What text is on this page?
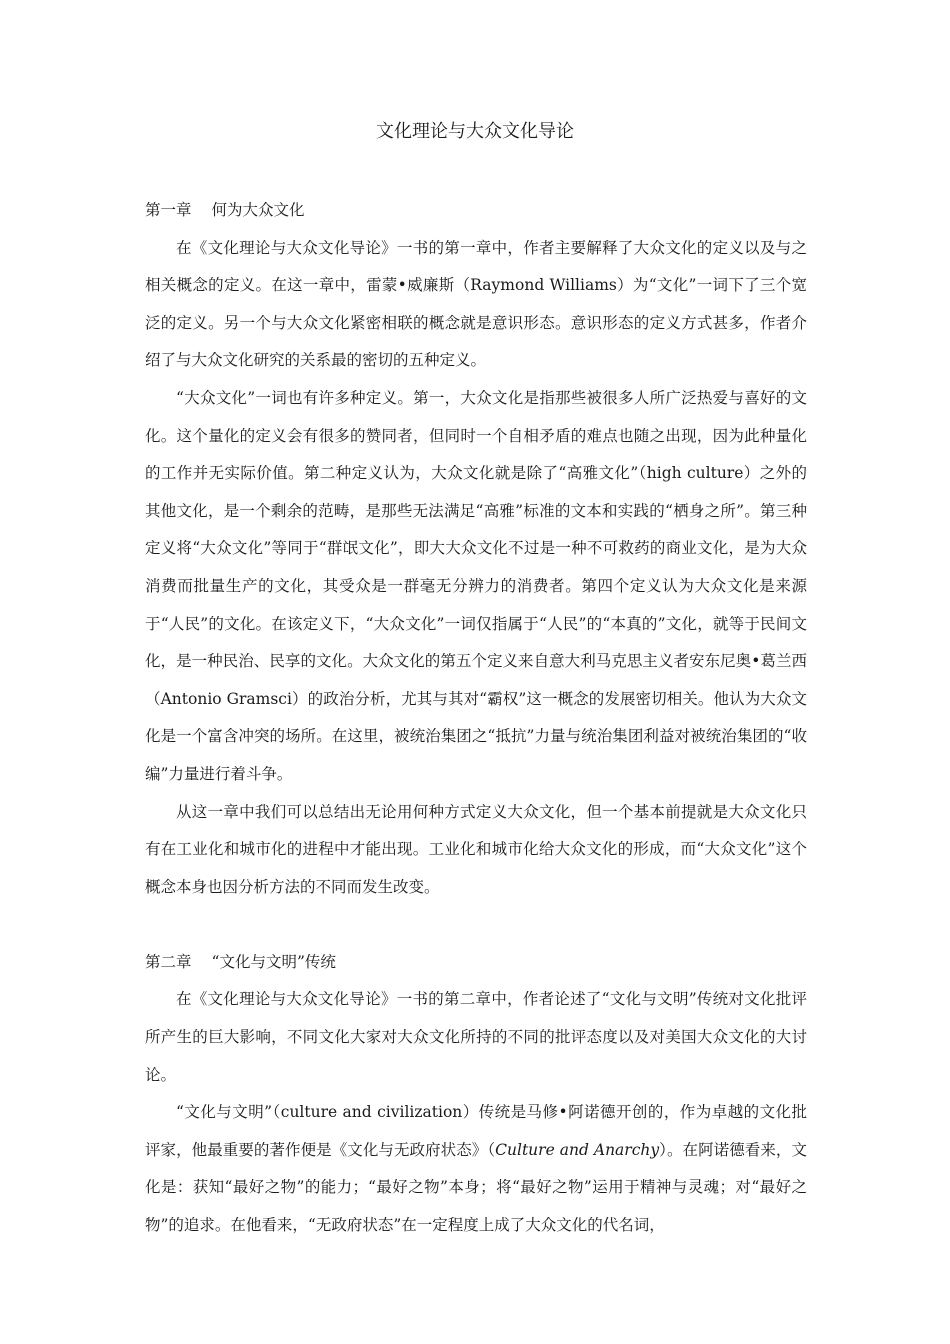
文化理论与大众文化导论

第一章 何为大众文化

在《文化理论与大众文化导论》一书的第一章中，作者主要解释了大众文化的定义以及与之相关概念的定义。在这一章中，雷蒙•威廉斯（Raymond Williams）为“文化”一词下了三个宽泛的定义。另一个与大众文化紧密相联的概念就是意识形态。意识形态的定义方式甚多，作者介绍了与大众文化研究的关系最的密切的五种定义。

“大众文化”一词也有许多种定义。第一，大众文化是指那些被很多人所广泛热爱与喜好的文化。这个量化的定义会有很多的赞同者，但同时一个自相矛盾的难点也随之出现，因为此种量化的工作并无实际价值。第二种定义认为，大众文化就是除了“高雅文化”（high culture）之外的其他文化，是一个剩余的范畴，是那些无法满足“高雅”标准的文本和实践的“栖身之所”。第三种定义将“大众文化”等同于“群氓文化”，即大大众文化不过是一种不可救药的商业文化，是为大众消费而批量生产的文化，其受众是一群毫无分辨力的消费者。第四个定义认为大众文化是来源于“人民”的文化。在该定义下，“大众文化”一词仅指属于“人民”的“本真的”文化，就等于民间文化，是一种民治、民享的文化。大众文化的第五个定义来自意大利马克思主义者安东尼奥•葛兰西（Antonio Gramsci）的政治分析，尤其与其对“霸权”这一概念的发展密切相关。他认为大众文化是一个富含冲突的场所。在这里，被统治集团之“抵抗”力量与统治集团利益对被统治集团的“收编”力量进行着斗争。

从这一章中我们可以总结出无论用何种方式定义大众文化，但一个基本前提就是大众文化只有在工业化和城市化的进程中才能出现。工业化和城市化给大众文化的形成，而“大众文化”这个概念本身也因分析方法的不同而发生改变。

第二章 “文化与文明”传统

在《文化理论与大众文化导论》一书的第二章中，作者论述了“文化与文明”传统对文化批评所产生的巨大影响，不同文化大家对大众文化所持的不同的批评态度以及对美国大众文化的大讨论。

“文化与文明”（culture and civilization）传统是马修•阿诺德开创的，作为卓越的文化批评家，他最重要的著作便是《文化与无政府状态》（Culture and Anarchy）。在阿诺德看来，文化是：获知“最好之物”的能力；“最好之物”本身；将“最好之物”运用于精神与灵魂；对“最好之物”的追求。在他看来，“无政府状态”在一定程度上成了大众文化的代名词，
